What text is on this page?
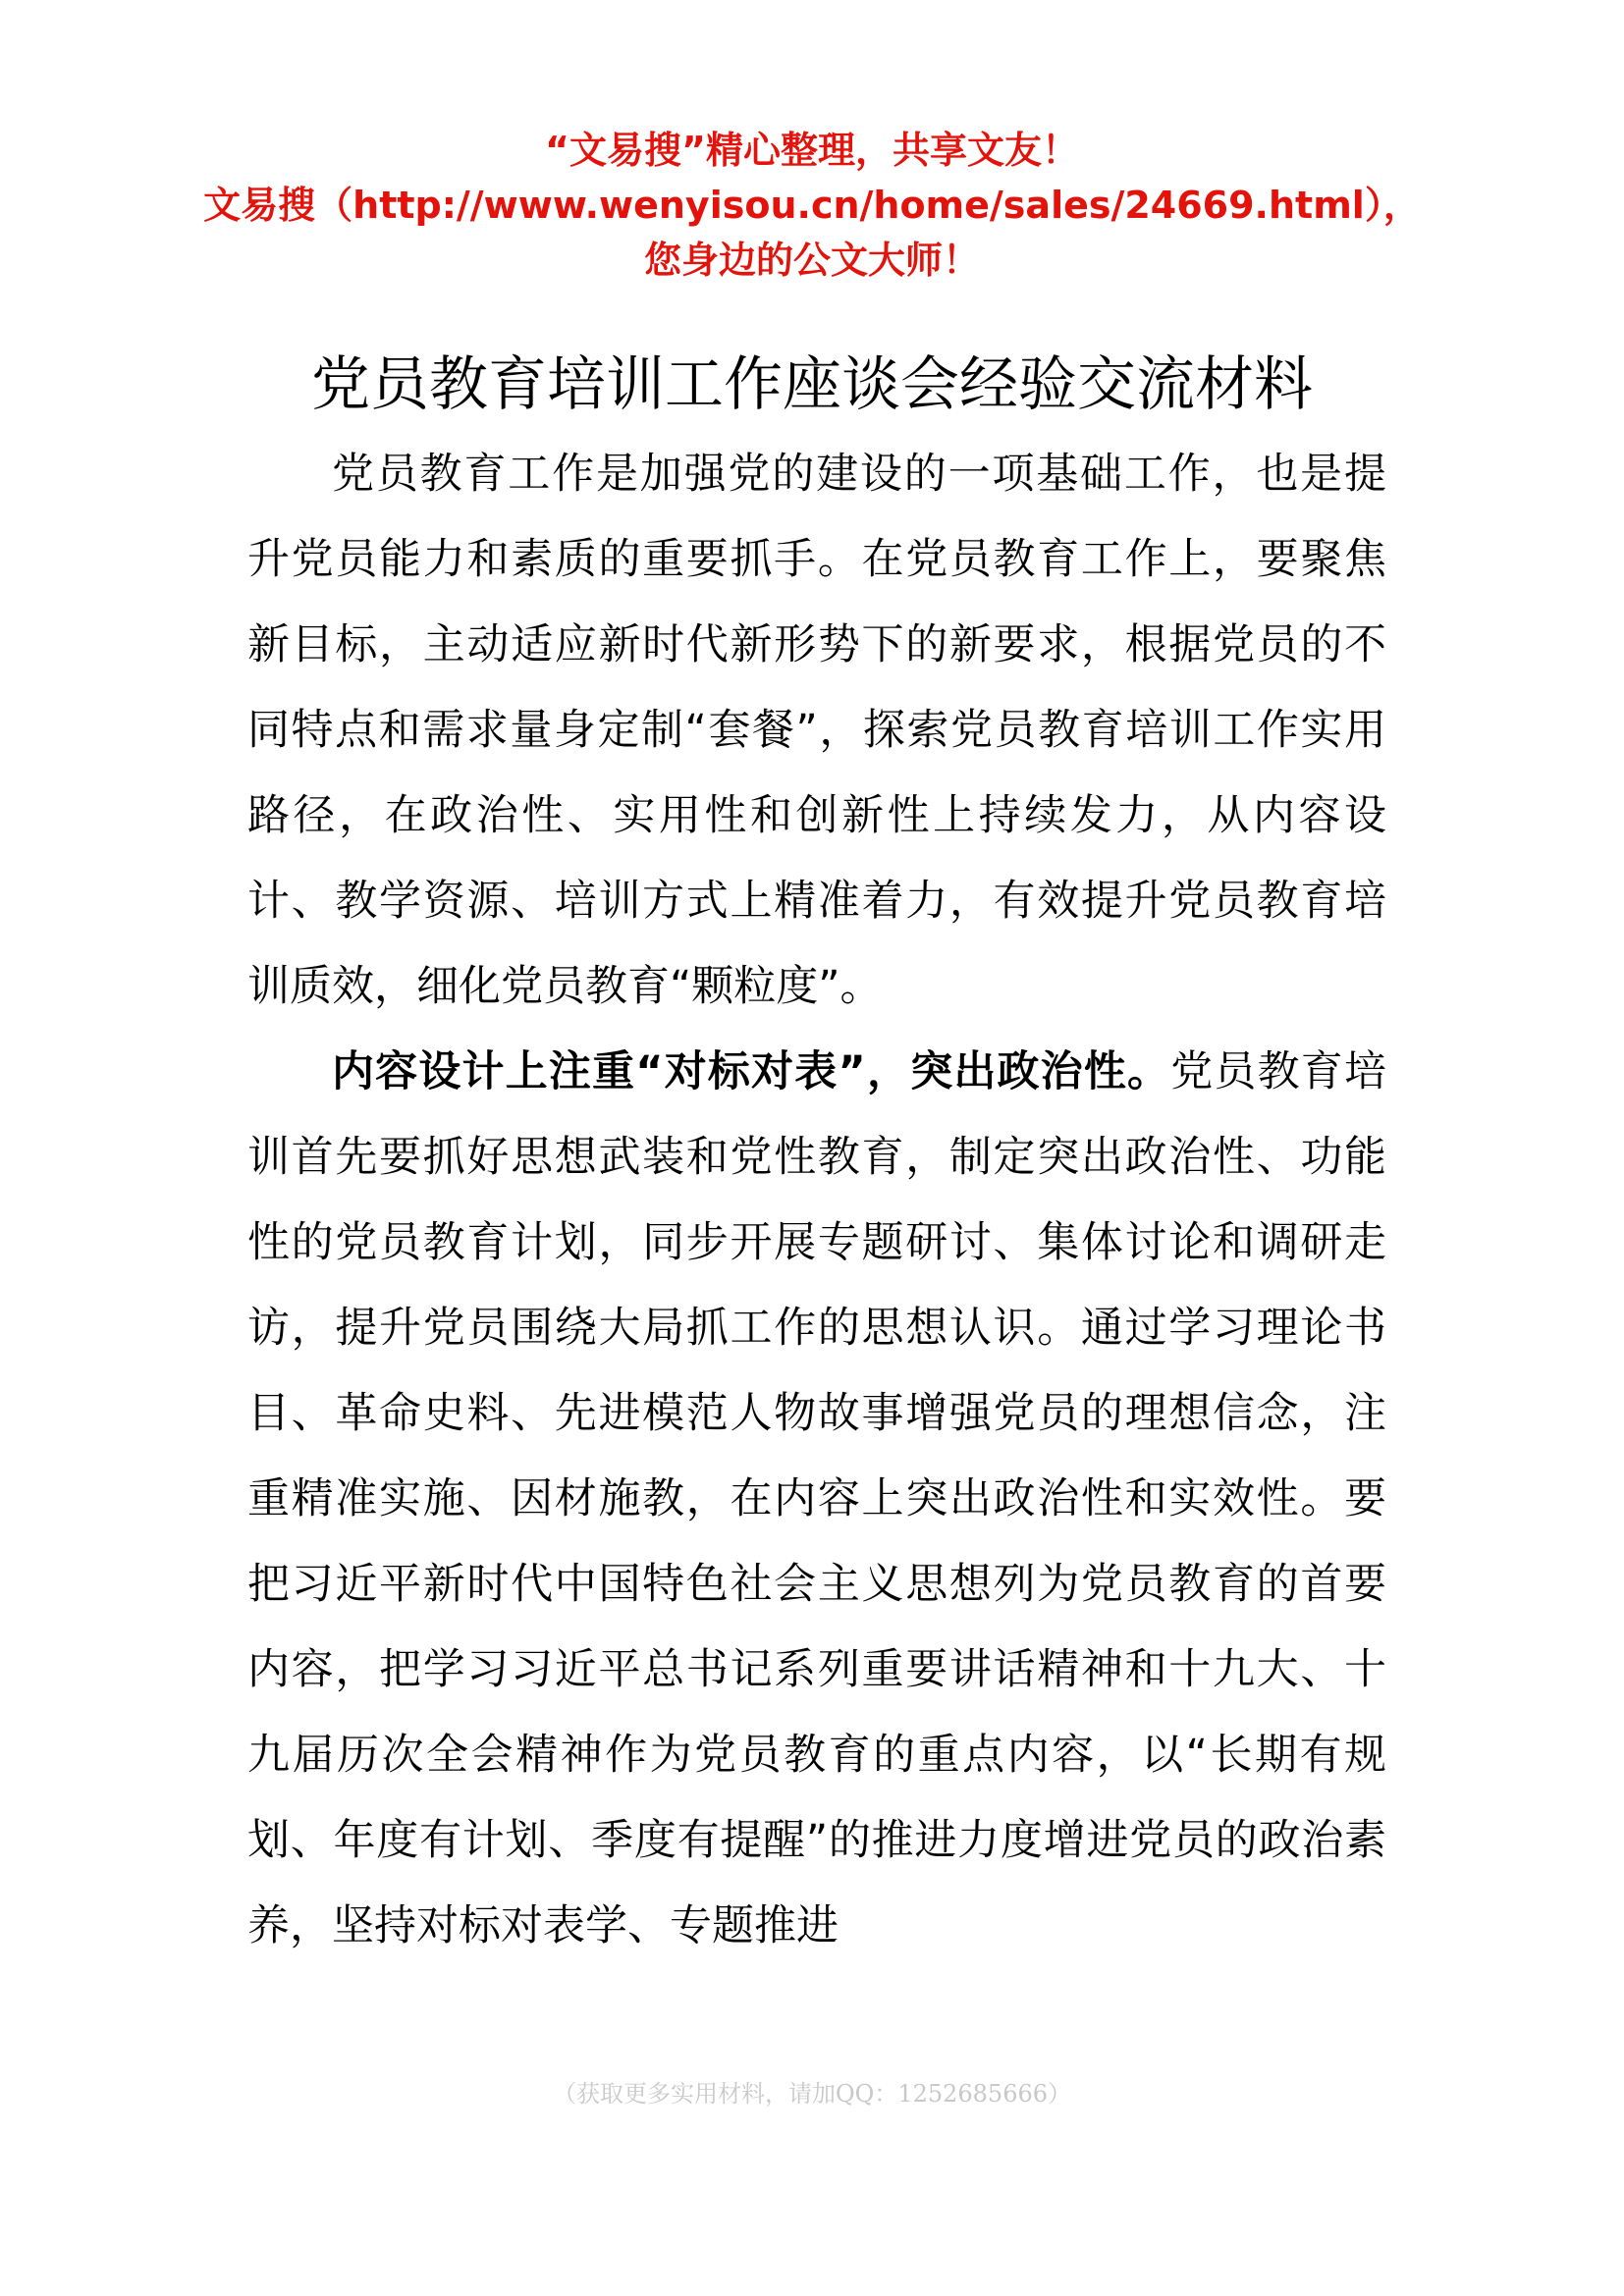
“文易搜”精心整理，共享文友！
文易搜（http://www.wenyisou.cn/home/sales/24669.html），
您身边的公文大师！
党员教育培训工作座谈会经验交流材料

党员教育工作是加强党的建设的一项基础工作，也是提升党员能力和素质的重要抓手。在党员教育工作上，要聚焦新目标，主动适应新时代新形势下的新要求，根据党员的不同特点和需求量身定制“套餐”，探索党员教育培训工作实用路径，在政治性、实用性和创新性上持续发力，从内容设计、教学资源、培训方式上精准着力，有效提升党员教育培训质效，细化党员教育“颗粒度”。

内容设计上注重“对标对表”，突出政治性。党员教育培训首先要抓好思想武装和党性教育，制定突出政治性、功能性的党员教育计划，同步开展专题研讨、集体讨论和调研走访，提升党员围绕大局抓工作的思想认识。通过学习理论书目、革命史料、先进模范人物故事增强党员的理想信念，注重精准实施、因材施教，在内容上突出政治性和实效性。要把习近平新时代中国特色社会主义思想列为党员教育的首要内容，把学习习近平总书记系列重要讲话精神和十九大、十九届历次全会精神作为党员教育的重点内容，以“长期有规划、年度有计划、季度有提醒”的推进力度增进党员的政治素养，坚持对标对表学、专题推进

（获取更多实用材料，请加QQ：1252685666）
